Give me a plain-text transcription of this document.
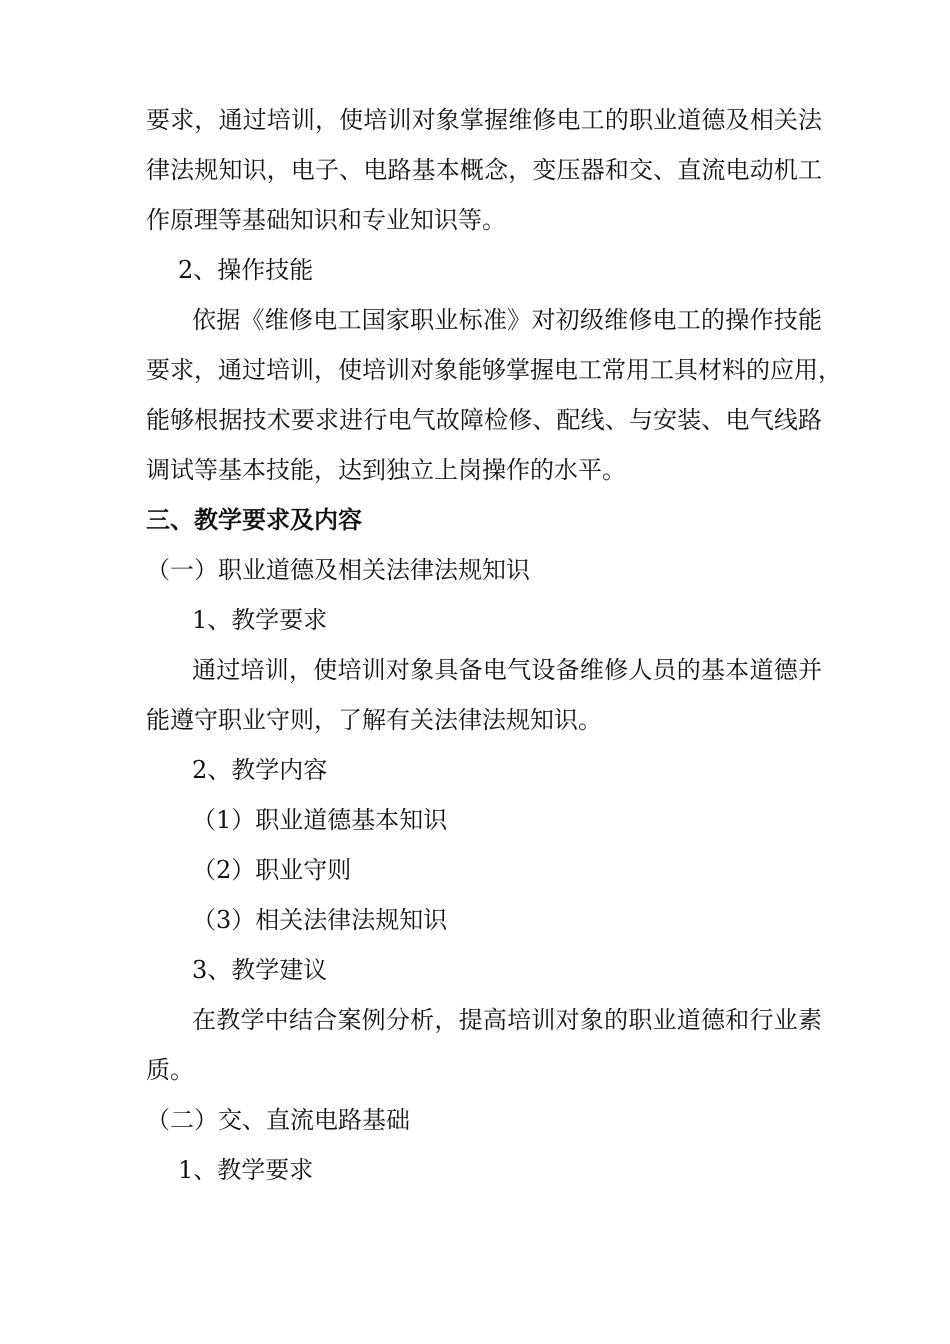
要求，通过培训，使培训对象掌握维修电工的职业道德及相关法
律法规知识，电子、电路基本概念，变压器和交、直流电动机工
作原理等基础知识和专业知识等。
2、操作技能
依据《维修电工国家职业标准》对初级维修电工的操作技能
要求，通过培训，使培训对象能够掌握电工常用工具材料的应用，
能够根据技术要求进行电气故障检修、配线、与安装、电气线路
调试等基本技能，达到独立上岗操作的水平。
三、教学要求及内容
（一）职业道德及相关法律法规知识
1、教学要求
通过培训，使培训对象具备电气设备维修人员的基本道德并
能遵守职业守则，了解有关法律法规知识。
2、教学内容
（1）职业道德基本知识
（2）职业守则
（3）相关法律法规知识
3、教学建议
在教学中结合案例分析，提高培训对象的职业道德和行业素
质。
（二）交、直流电路基础
1、教学要求
